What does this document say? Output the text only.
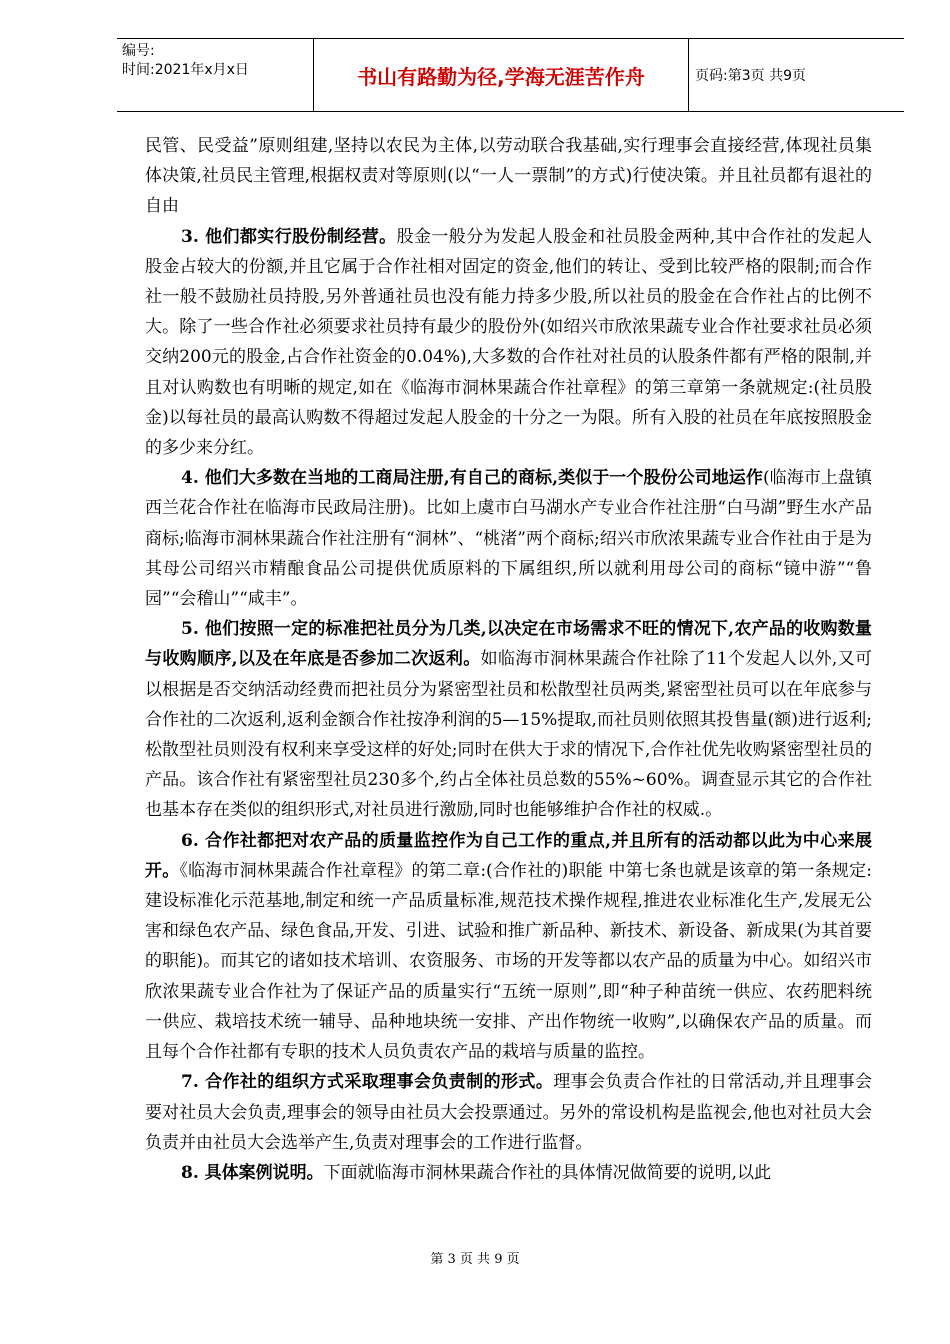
编号:
时间:2021年x月x日	书山有路勤为径,学海无涯苦作舟	页码:第3页 共9页

民管、民受益”原则组建,坚持以农民为主体,以劳动联合我基础,实行理事会直接经营,体现社员集体决策,社员民主管理,根据权责对等原则(以“一人一票制”的方式)行使决策。并且社员都有退社的自由

3. 他们都实行股份制经营。股金一般分为发起人股金和社员股金两种,其中合作社的发起人股金占较大的份额,并且它属于合作社相对固定的资金,他们的转让、受到比较严格的限制;而合作社一般不鼓励社员持股,另外普通社员也没有能力持多少股,所以社员的股金在合作社占的比例不大。除了一些合作社必须要求社员持有最少的股份外(如绍兴市欣浓果蔬专业合作社要求社员必须交纳200元的股金,占合作社资金的0.04%),大多数的合作社对社员的认股条件都有严格的限制,并且对认购数也有明晰的规定,如在《临海市洞林果蔬合作社章程》的第三章第一条就规定:(社员股金)以每社员的最高认购数不得超过发起人股金的十分之一为限。所有入股的社员在年底按照股金的多少来分红。

4. 他们大多数在当地的工商局注册,有自己的商标,类似于一个股份公司地运作(临海市上盘镇西兰花合作社在临海市民政局注册)。比如上虞市白马湖水产专业合作社注册“白马湖”野生水产品商标;临海市洞林果蔬合作社注册有“洞林”、“桃渚”两个商标;绍兴市欣浓果蔬专业合作社由于是为其母公司绍兴市精酿食品公司提供优质原料的下属组织,所以就利用母公司的商标“镜中游”“鲁园”“会稽山”“咸丰”。

5. 他们按照一定的标准把社员分为几类,以决定在市场需求不旺的情况下,农产品的收购数量与收购顺序,以及在年底是否参加二次返利。如临海市洞林果蔬合作社除了11个发起人以外,又可以根据是否交纳活动经费而把社员分为紧密型社员和松散型社员两类,紧密型社员可以在年底参与合作社的二次返利,返利金额合作社按净利润的5—15%提取,而社员则依照其投售量(额)进行返利;松散型社员则没有权利来享受这样的好处;同时在供大于求的情况下,合作社优先收购紧密型社员的产品。该合作社有紧密型社员230多个,约占全体社员总数的55%~60%。调查显示其它的合作社也基本存在类似的组织形式,对社员进行激励,同时也能够维护合作社的权威.。

6. 合作社都把对农产品的质量监控作为自己工作的重点,并且所有的活动都以此为中心来展开。《临海市洞林果蔬合作社章程》的第二章:(合作社的)职能 中第七条也就是该章的第一条规定:建设标准化示范基地,制定和统一产品质量标准,规范技术操作规程,推进农业标准化生产,发展无公害和绿色农产品、绿色食品,开发、引进、试验和推广新品种、新技术、新设备、新成果(为其首要的职能)。而其它的诸如技术培训、农资服务、市场的开发等都以农产品的质量为中心。如绍兴市欣浓果蔬专业合作社为了保证产品的质量实行“五统一原则”,即“种子种苗统一供应、农药肥料统一供应、栽培技术统一辅导、品种地块统一安排、产出作物统一收购”,以确保农产品的质量。而且每个合作社都有专职的技术人员负责农产品的栽培与质量的监控。

7. 合作社的组织方式采取理事会负责制的形式。理事会负责合作社的日常活动,并且理事会要对社员大会负责,理事会的领导由社员大会投票通过。另外的常设机构是监视会,他也对社员大会负责并由社员大会选举产生,负责对理事会的工作进行监督。

8. 具体案例说明。下面就临海市洞林果蔬合作社的具体情况做简要的说明,以此

第 3 页 共 9 页
